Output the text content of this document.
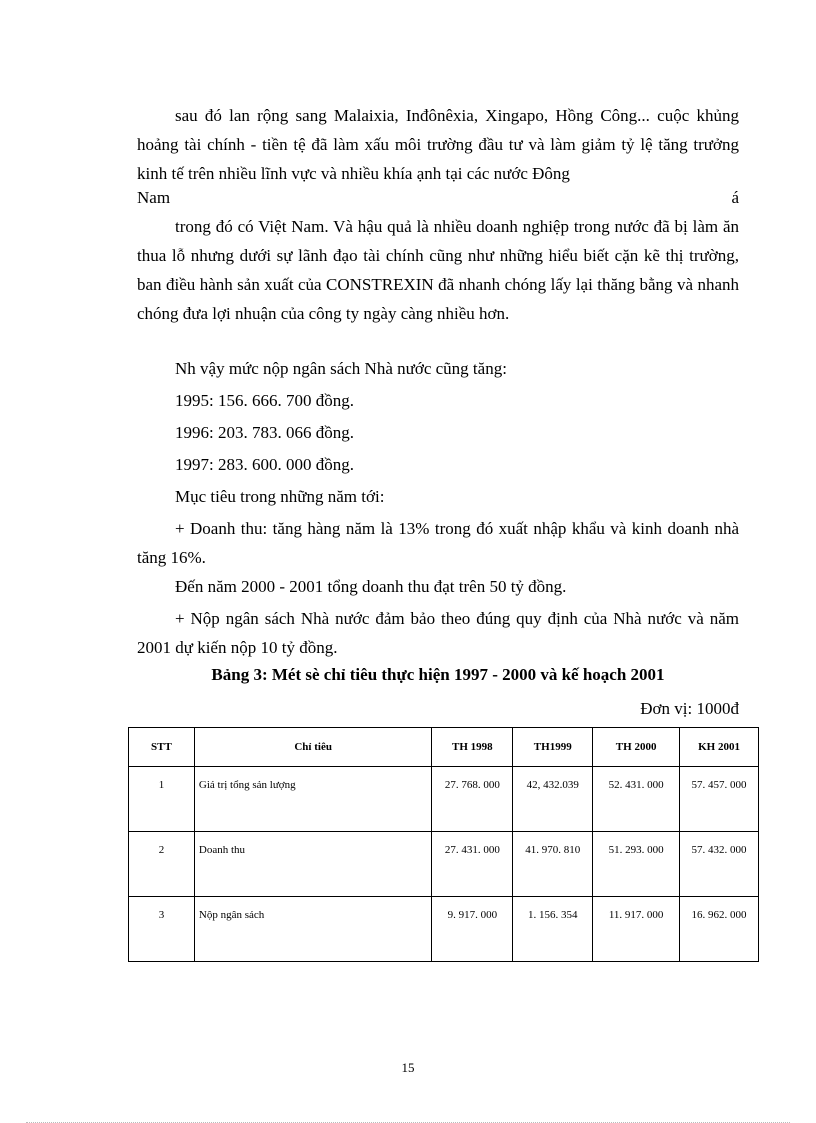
sau đó lan rộng sang Malaixia, Inđônêxia, Xingapo, Hồng Công... cuộc khủng hoảng tài chính - tiền tệ đã làm xấu môi trường đầu tư và làm giảm tỷ lệ tăng trưởng kinh tế trên nhiều lĩnh vực và nhiều khía ạnh tại các nước Đông

Nam	á

trong đó có Việt Nam. Và hậu quả là nhiều doanh nghiệp trong nước đã bị làm ăn thua lỗ nhưng dưới sự lãnh đạo tài chính cũng như những hiểu biết cặn kẽ thị trường, ban điều hành sản xuất của CONSTREXIN đã nhanh chóng lấy lại thăng bằng và nhanh chóng đưa lợi nhuận của công ty ngày càng nhiều hơn.

Nh vậy mức nộp ngân sách Nhà nước cũng tăng:
1995: 156. 666. 700 đồng.
1996: 203. 783. 066 đồng.
1997: 283. 600. 000 đồng.
Mục tiêu trong những năm tới:

+ Doanh thu: tăng hàng năm là 13% trong đó xuất nhập khẩu và kinh doanh nhà tăng 16%.

Đến năm 2000 - 2001 tổng doanh thu đạt trên 50 tỷ đồng.

+ Nộp ngân sách Nhà nước đảm bảo theo đúng quy định của Nhà nước và năm 2001 dự kiến nộp 10 tỷ đồng.

Bảng 3: Mét sè chỉ tiêu thực hiện 1997 - 2000 và kế hoạch 2001
Đơn vị: 1000đ
STT	Chỉ tiêu	TH 1998	TH1999	TH 2000	KH 2001
1	Giá trị tổng sản lượng	27. 768. 000	42, 432.039	52. 431. 000	57. 457. 000
2	Doanh thu	27. 431. 000	41. 970. 810	51. 293. 000	57. 432. 000
3	Nộp ngân sách	9. 917. 000	1. 156. 354	11. 917. 000	16. 962. 000
15
